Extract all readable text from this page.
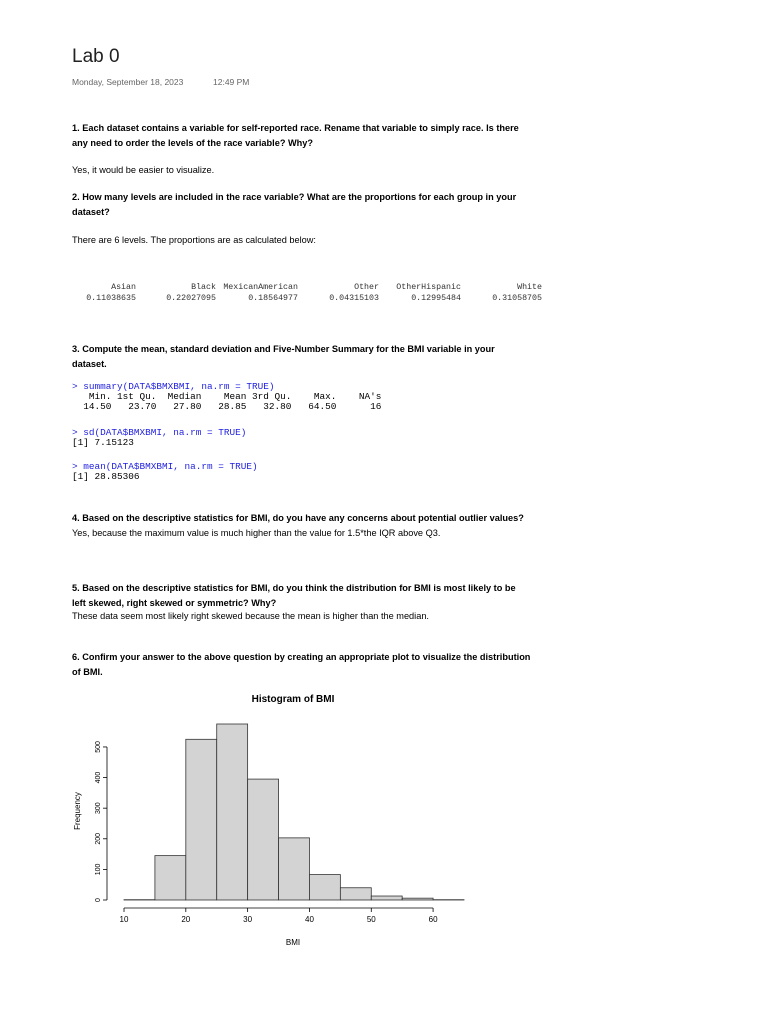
Lab 0
Monday, September 18, 2023	12:49 PM
1. Each dataset contains a variable for self-reported race. Rename that variable to simply race. Is there
any need to order the levels of the race variable? Why?
Yes, it would be easier to visualize.
2. How many levels are included in the race variable? What are the proportions for each group in your
dataset?
There are 6 levels. The proportions are as calculated below:
Asian	Black MexicanAmerican	Other	OtherHispanic	White
0.11038635	0.22027095	0.18564977	0.04315103	0.12995484	0.31058705
3. Compute the mean, standard deviation and Five-Number Summary for the BMI variable in your
dataset.
> summary(DATA$BMXBMI, na.rm = TRUE)
Min. 1st Qu.  Median    Mean 3rd Qu.    Max.    NA's
14.50   23.70   27.80   28.85   32.80   64.50      16
> sd(DATA$BMXBMI, na.rm = TRUE)
[1] 7.15123
> mean(DATA$BMXBMI, na.rm = TRUE)
[1] 28.85306
4. Based on the descriptive statistics for BMI, do you have any concerns about potential outlier values?
Yes, because the maximum value is much higher than the value for 1.5*the IQR above Q3.
5. Based on the descriptive statistics for BMI, do you think the distribution for BMI is most likely to be
left skewed, right skewed or symmetric? Why?
These data seem most likely right skewed because the mean is higher than the median.
6. Confirm your answer to the above question by creating an appropriate plot to visualize the distribution
of BMI.
Histogram of BMI
BMI
Frequency
10	20	30	40	50	60
0
100
200
300
400
500
